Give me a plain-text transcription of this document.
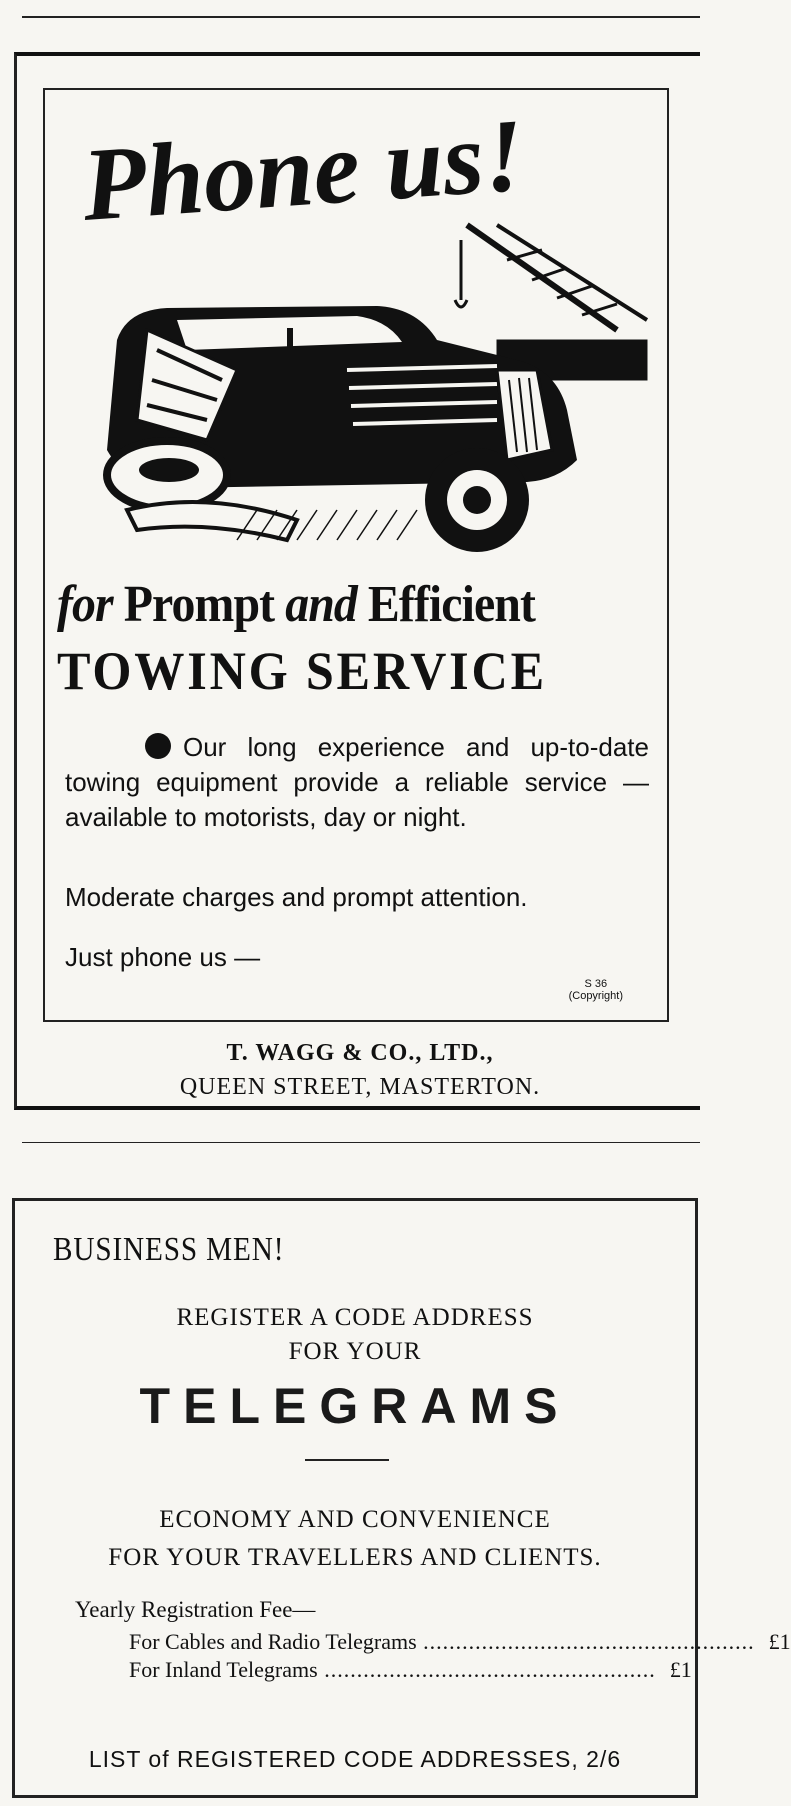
Phone us!
for Prompt and Efficient
TOWING SERVICE
Our long experience and up-to-date towing equipment provide a reliable service — available to motorists, day or night.
Moderate charges and prompt attention.
Just phone us —
S 36
(Copyright)
T. WAGG & CO., LTD.,
QUEEN STREET, MASTERTON.
BUSINESS MEN!
REGISTER A CODE ADDRESS
FOR YOUR
TELEGRAMS
ECONOMY AND CONVENIENCE
FOR YOUR TRAVELLERS AND CLIENTS.
Yearly Registration Fee—
For Cables and Radio Telegrams ................................................... £1
For Inland Telegrams ................................................... £1
LIST of REGISTERED CODE ADDRESSES, 2/6
